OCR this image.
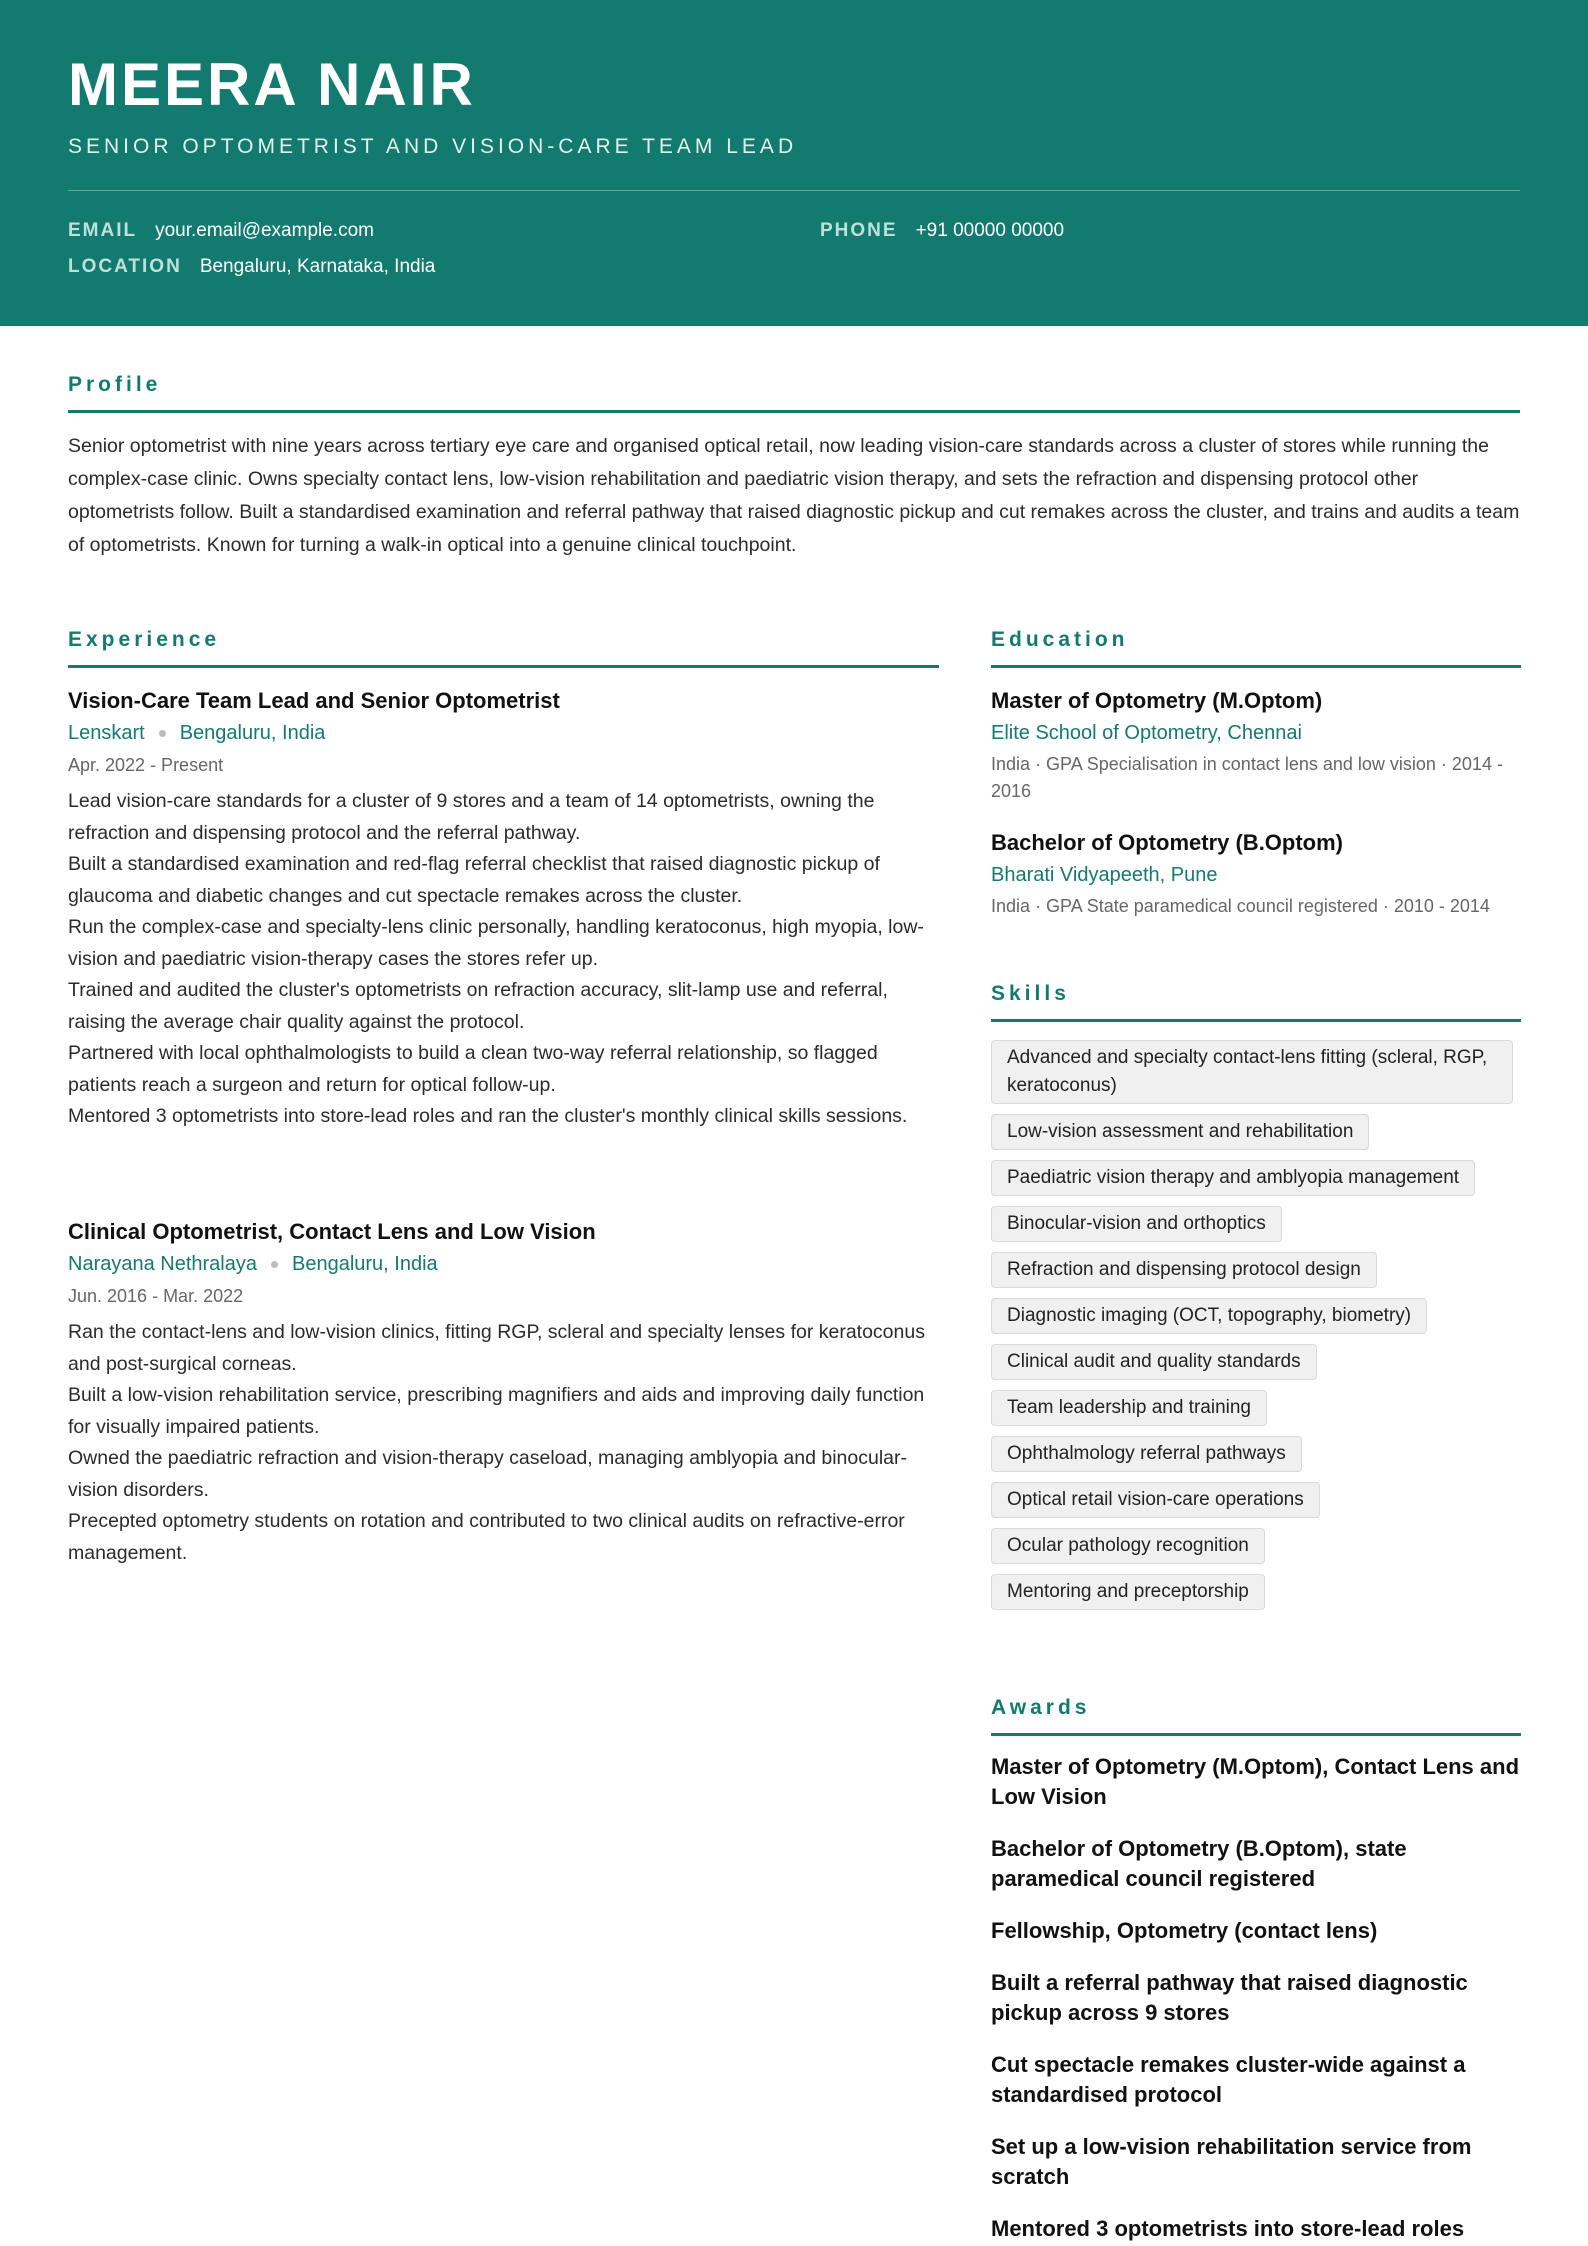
MEERA NAIR
SENIOR OPTOMETRIST AND VISION-CARE TEAM LEAD
EMAIL your.email@example.com	PHONE +91 00000 00000
LOCATION Bengaluru, Karnataka, India
Profile
Senior optometrist with nine years across tertiary eye care and organised optical retail, now leading vision-care standards across a cluster of stores while running the complex-case clinic. Owns specialty contact lens, low-vision rehabilitation and paediatric vision therapy, and sets the refraction and dispensing protocol other optometrists follow. Built a standardised examination and referral pathway that raised diagnostic pickup and cut remakes across the cluster, and trains and audits a team of optometrists. Known for turning a walk-in optical into a genuine clinical touchpoint.
Experience
Vision-Care Team Lead and Senior Optometrist
Lenskart Bengaluru, India
Apr. 2022 - Present
Lead vision-care standards for a cluster of 9 stores and a team of 14 optometrists, owning the refraction and dispensing protocol and the referral pathway.
Built a standardised examination and red-flag referral checklist that raised diagnostic pickup of glaucoma and diabetic changes and cut spectacle remakes across the cluster.
Run the complex-case and specialty-lens clinic personally, handling keratoconus, high myopia, low-vision and paediatric vision-therapy cases the stores refer up.
Trained and audited the cluster's optometrists on refraction accuracy, slit-lamp use and referral, raising the average chair quality against the protocol.
Partnered with local ophthalmologists to build a clean two-way referral relationship, so flagged patients reach a surgeon and return for optical follow-up.
Mentored 3 optometrists into store-lead roles and ran the cluster's monthly clinical skills sessions.
Clinical Optometrist, Contact Lens and Low Vision
Narayana Nethralaya Bengaluru, India
Jun. 2016 - Mar. 2022
Ran the contact-lens and low-vision clinics, fitting RGP, scleral and specialty lenses for keratoconus and post-surgical corneas.
Built a low-vision rehabilitation service, prescribing magnifiers and aids and improving daily function for visually impaired patients.
Owned the paediatric refraction and vision-therapy caseload, managing amblyopia and binocular-vision disorders.
Precepted optometry students on rotation and contributed to two clinical audits on refractive-error management.
Education
Master of Optometry (M.Optom)
Elite School of Optometry, Chennai
India · GPA Specialisation in contact lens and low vision · 2014 - 2016
Bachelor of Optometry (B.Optom)
Bharati Vidyapeeth, Pune
India · GPA State paramedical council registered · 2010 - 2014
Skills
Advanced and specialty contact-lens fitting (scleral, RGP, keratoconus)
Low-vision assessment and rehabilitation
Paediatric vision therapy and amblyopia management
Binocular-vision and orthoptics
Refraction and dispensing protocol design
Diagnostic imaging (OCT, topography, biometry)
Clinical audit and quality standards
Team leadership and training
Ophthalmology referral pathways
Optical retail vision-care operations
Ocular pathology recognition
Mentoring and preceptorship
Awards
Master of Optometry (M.Optom), Contact Lens and Low Vision
Bachelor of Optometry (B.Optom), state paramedical council registered
Fellowship, Optometry (contact lens)
Built a referral pathway that raised diagnostic pickup across 9 stores
Cut spectacle remakes cluster-wide against a standardised protocol
Set up a low-vision rehabilitation service from scratch
Mentored 3 optometrists into store-lead roles
